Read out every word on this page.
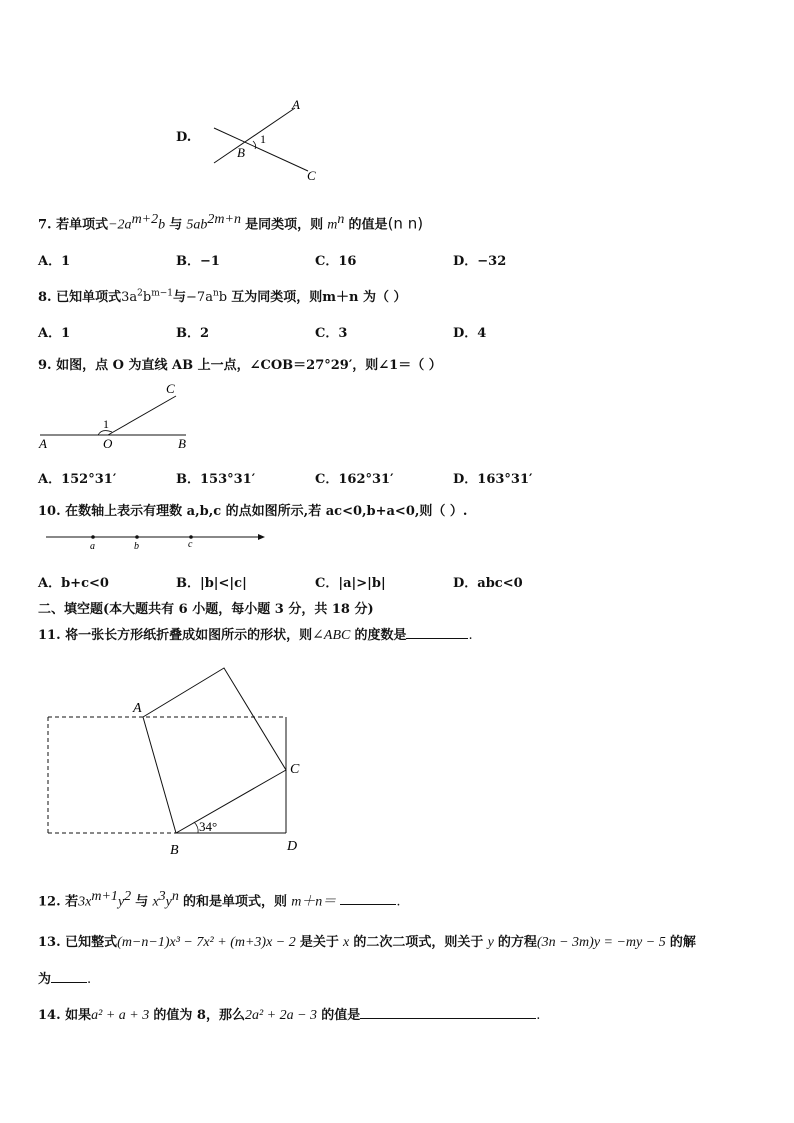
D.
A
B
C
1
7. 若单项式$-2a^{m+2}b$ 与 $5ab^{2m+n}$ 是同类项，则 $m^n$ 的值是(n n)
A．1	B．−1	C．16	D．−32
8. 已知单项式$3a^2b^{m-1}$与$-7a^nb$ 互为同类项，则m＋n 为（ ）
A．1	B．2	C．3	D．4
9. 如图，点 O 为直线 AB 上一点，∠COB＝27°29′，则∠1＝（ ）
A	O	B
C
1
A．152°31′	B．153°31′	C．162°31′	D．163°31′
10. 在数轴上表示有理数 a,b,c 的点如图所示,若 ac<0,b+a<0,则（ ）.
a	b	c
A．b+c<0	B．|b|<|c|	C．|a|>|b|	D．abc<0
二、填空题(本大题共有 6 小题，每小题 3 分，共 18 分)
11. 将一张长方形纸折叠成如图所示的形状，则∠ABC 的度数是	.
A
B
C
D
34°
12. 若$3x^{m+1}y^2$ 与 $x^3y^n$ 的和是单项式，则 m＋n＝	.
13. 已知整式(m−n−1)x³ − 7x² + (m+3)x − 2 是关于 x 的二次二项式，则关于 y 的方程(3n − 3m)y = −my − 5 的解
为	.
14. 如果a² + a + 3 的值为 8，那么2a² + 2a − 3 的值是	.
